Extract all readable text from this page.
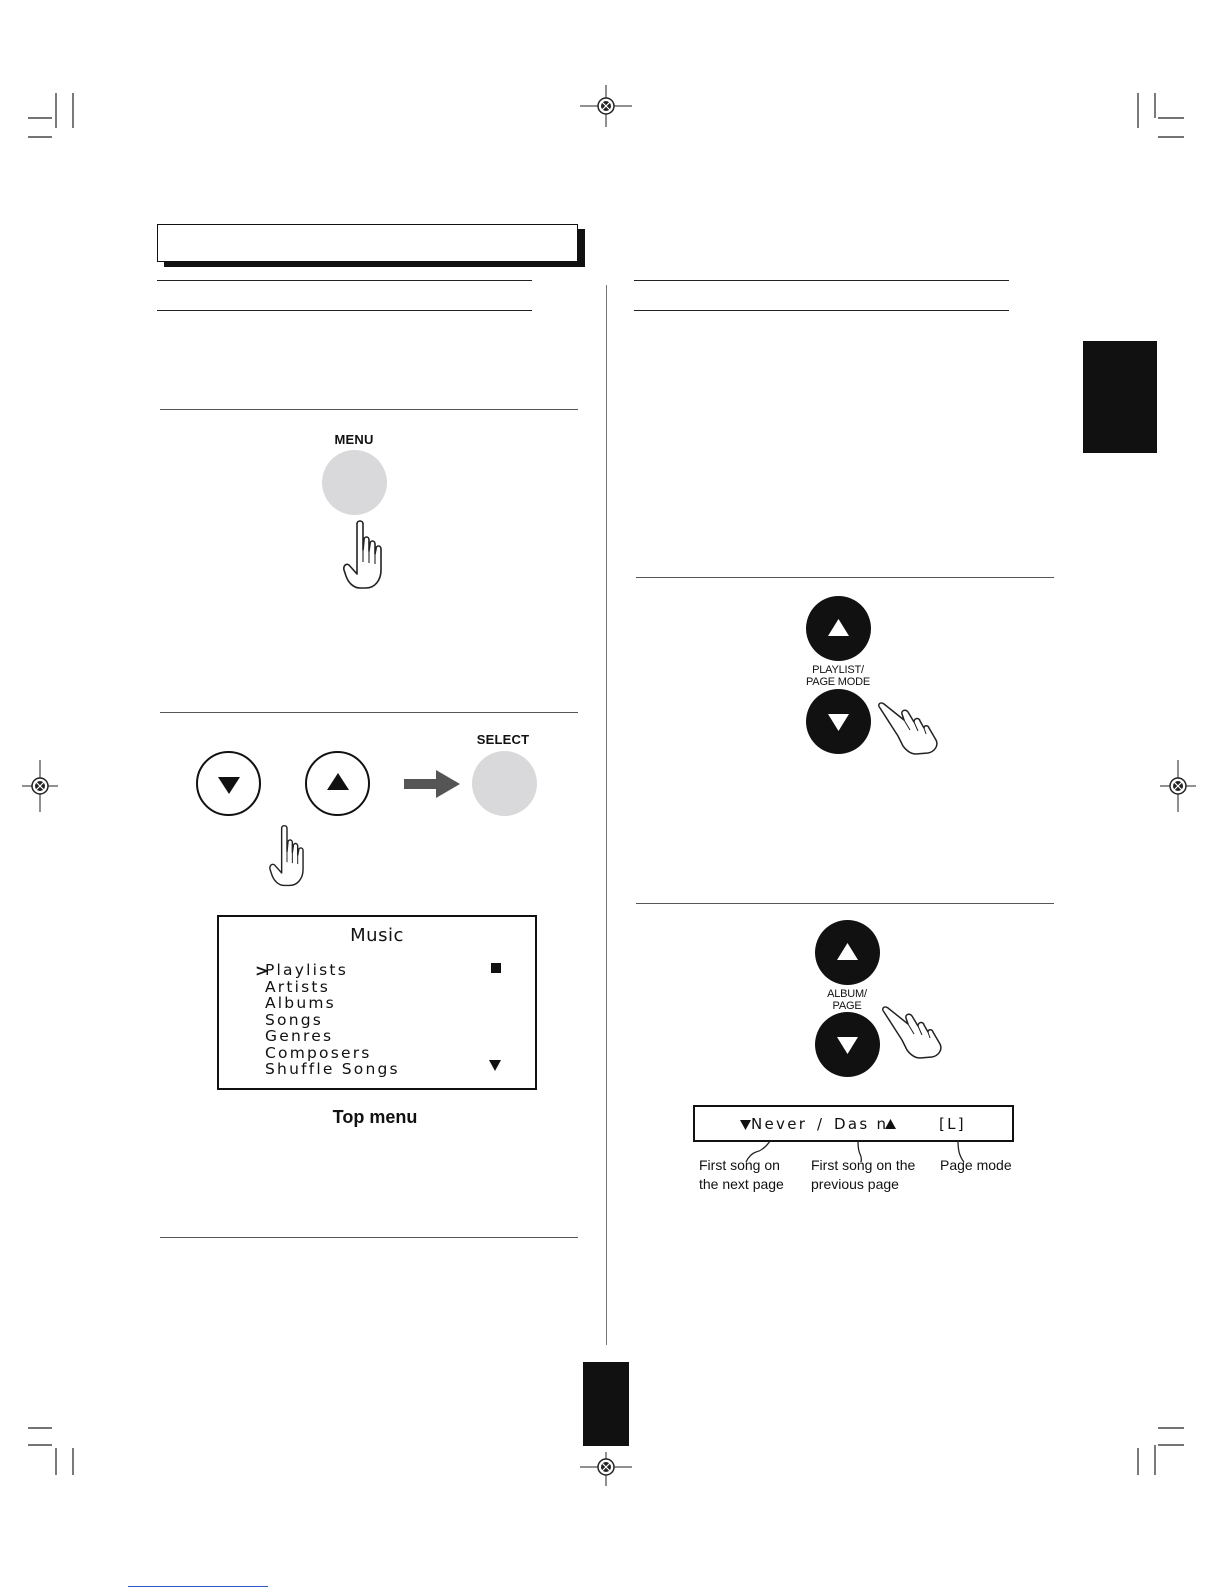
MENU
SELECT
Music
>
Playlists
Artists
Albums
Songs
Genres
Composers
Shuffle Songs
Top menu
PLAYLIST/
PAGE MODE
ALBUM/
PAGE
Never / Das n	[L]
First song on
the next page
First song on the
previous page
Page mode
